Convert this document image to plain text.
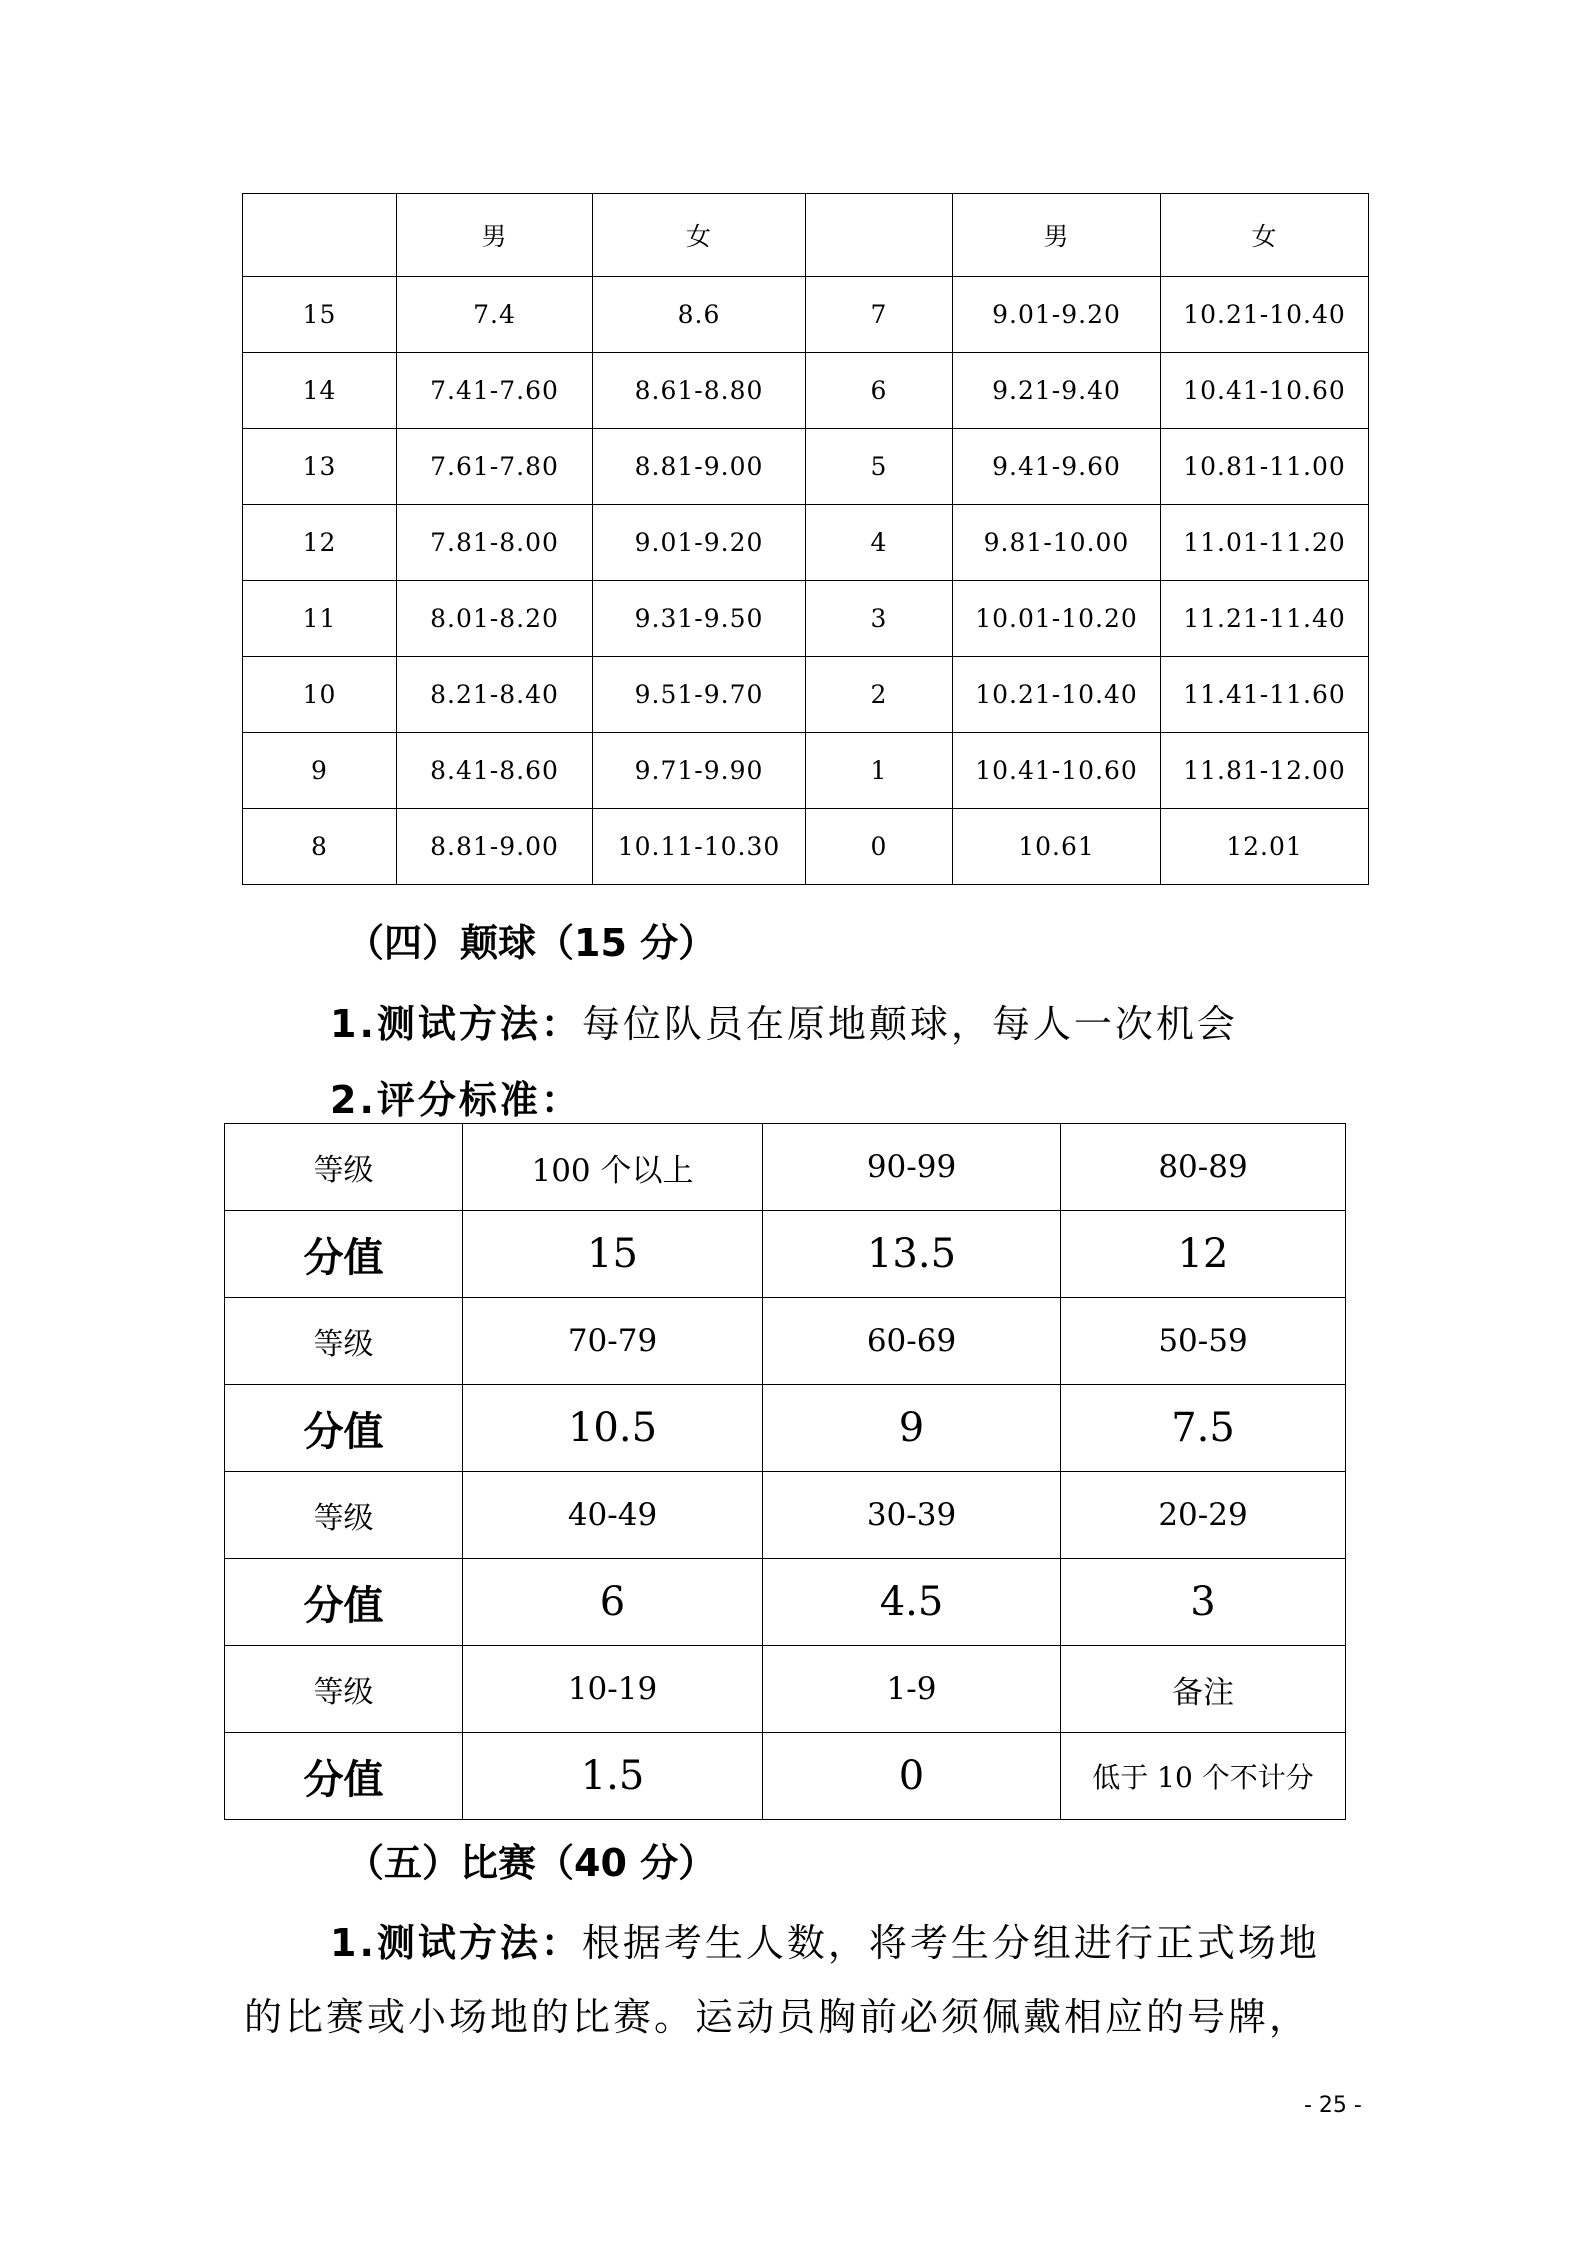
	男	女		男	女
15	7.4	8.6	7	9.01-9.20	10.21-10.40
14	7.41-7.60	8.61-8.80	6	9.21-9.40	10.41-10.60
13	7.61-7.80	8.81-9.00	5	9.41-9.60	10.81-11.00
12	7.81-8.00	9.01-9.20	4	9.81-10.00	11.01-11.20
11	8.01-8.20	9.31-9.50	3	10.01-10.20	11.21-11.40
10	8.21-8.40	9.51-9.70	2	10.21-10.40	11.41-11.60
9	8.41-8.60	9.71-9.90	1	10.41-10.60	11.81-12.00
8	8.81-9.00	10.11-10.30	0	10.61	12.01
（四）颠球（15 分）
1.测试方法：每位队员在原地颠球，每人一次机会
2.评分标准：
等级	100 个以上	90-99	80-89
分值	15	13.5	12
等级	70-79	60-69	50-59
分值	10.5	9	7.5
等级	40-49	30-39	20-29
分值	6	4.5	3
等级	10-19	1-9	备注
分值	1.5	0	低于 10 个不计分
（五）比赛（40 分）
1.测试方法：根据考生人数，将考生分组进行正式场地
的比赛或小场地的比赛。运动员胸前必须佩戴相应的号牌，
- 25 -
